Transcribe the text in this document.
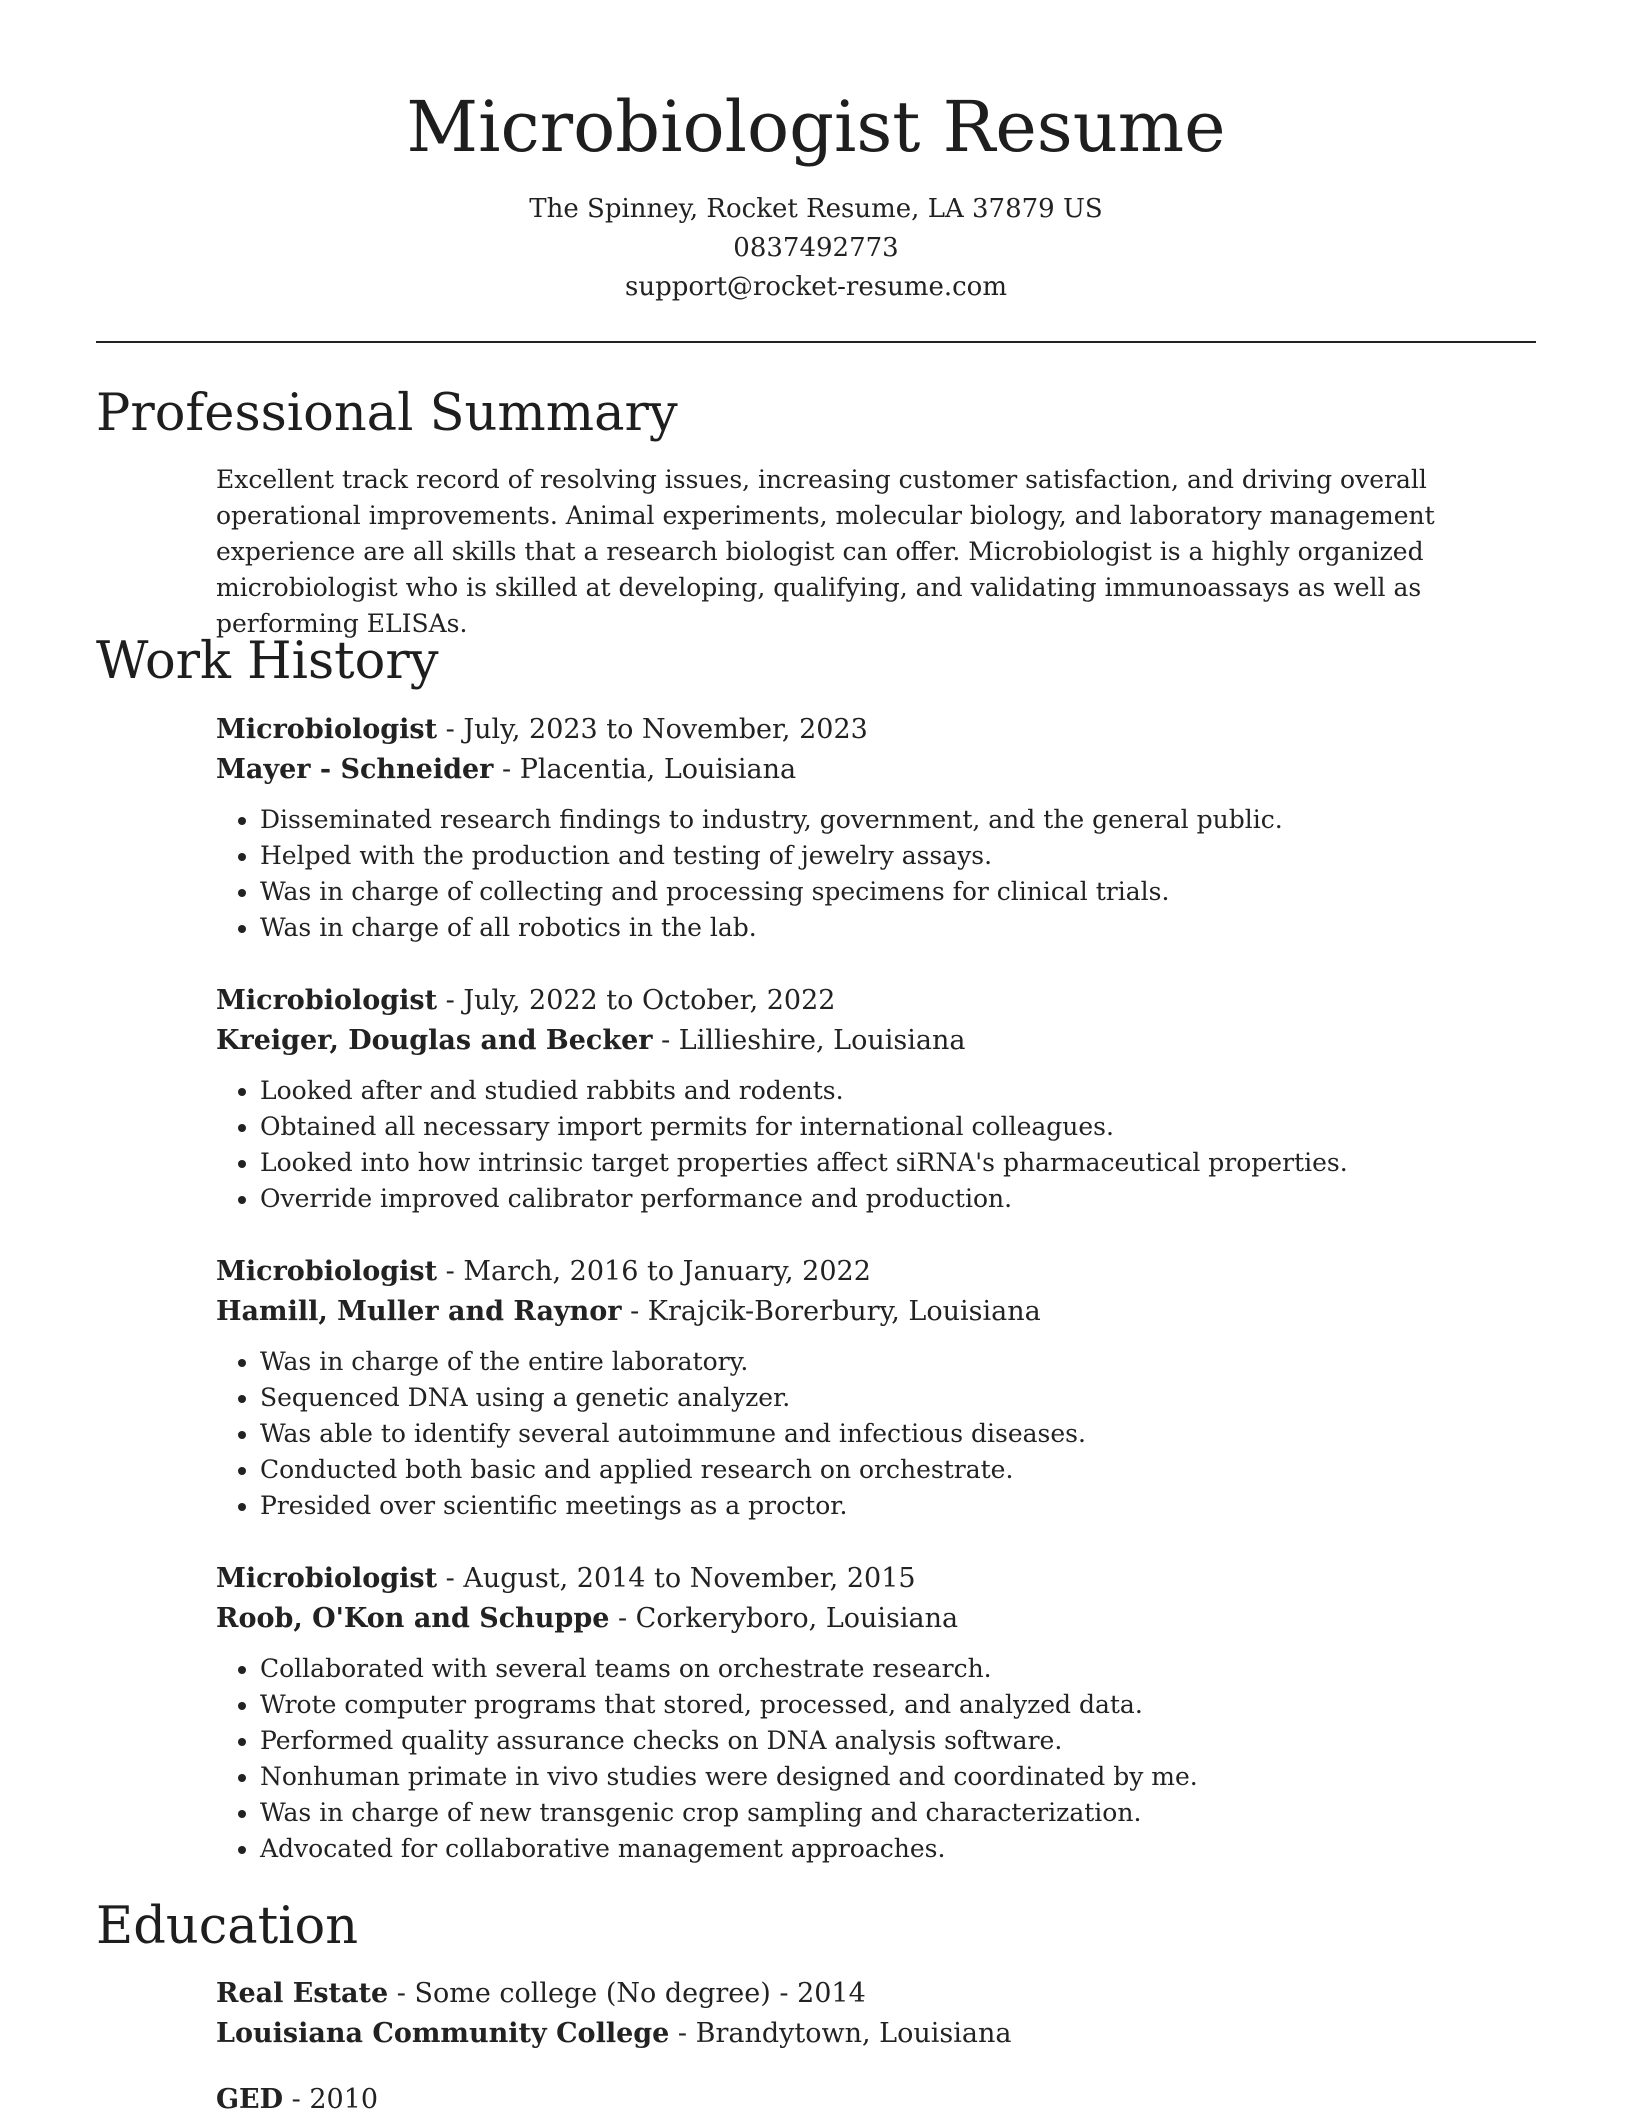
Microbiologist Resume
The Spinney, Rocket Resume, LA 37879 US
0837492773
support@rocket-resume.com
Professional Summary

Excellent track record of resolving issues, increasing customer satisfaction, and driving overall operational improvements. Animal experiments, molecular biology, and laboratory management experience are all skills that a research biologist can offer. Microbiologist is a highly organized microbiologist who is skilled at developing, qualifying, and validating immunoassays as well as performing ELISAs.

Work History
Microbiologist - July, 2023 to November, 2023
Mayer - Schneider - Placentia, Louisiana
• Disseminated research findings to industry, government, and the general public.
• Helped with the production and testing of jewelry assays.
• Was in charge of collecting and processing specimens for clinical trials.
• Was in charge of all robotics in the lab.
Microbiologist - July, 2022 to October, 2022
Kreiger, Douglas and Becker - Lillieshire, Louisiana
• Looked after and studied rabbits and rodents.
• Obtained all necessary import permits for international colleagues.
• Looked into how intrinsic target properties affect siRNA's pharmaceutical properties.
• Override improved calibrator performance and production.
Microbiologist - March, 2016 to January, 2022
Hamill, Muller and Raynor - Krajcik-Borerbury, Louisiana
• Was in charge of the entire laboratory.
• Sequenced DNA using a genetic analyzer.
• Was able to identify several autoimmune and infectious diseases.
• Conducted both basic and applied research on orchestrate.
• Presided over scientific meetings as a proctor.
Microbiologist - August, 2014 to November, 2015
Roob, O'Kon and Schuppe - Corkeryboro, Louisiana
• Collaborated with several teams on orchestrate research.
• Wrote computer programs that stored, processed, and analyzed data.
• Performed quality assurance checks on DNA analysis software.
• Nonhuman primate in vivo studies were designed and coordinated by me.
• Was in charge of new transgenic crop sampling and characterization.
• Advocated for collaborative management approaches.
Education
Real Estate - Some college (No degree) - 2014
Louisiana Community College - Brandytown, Louisiana
GED - 2010
